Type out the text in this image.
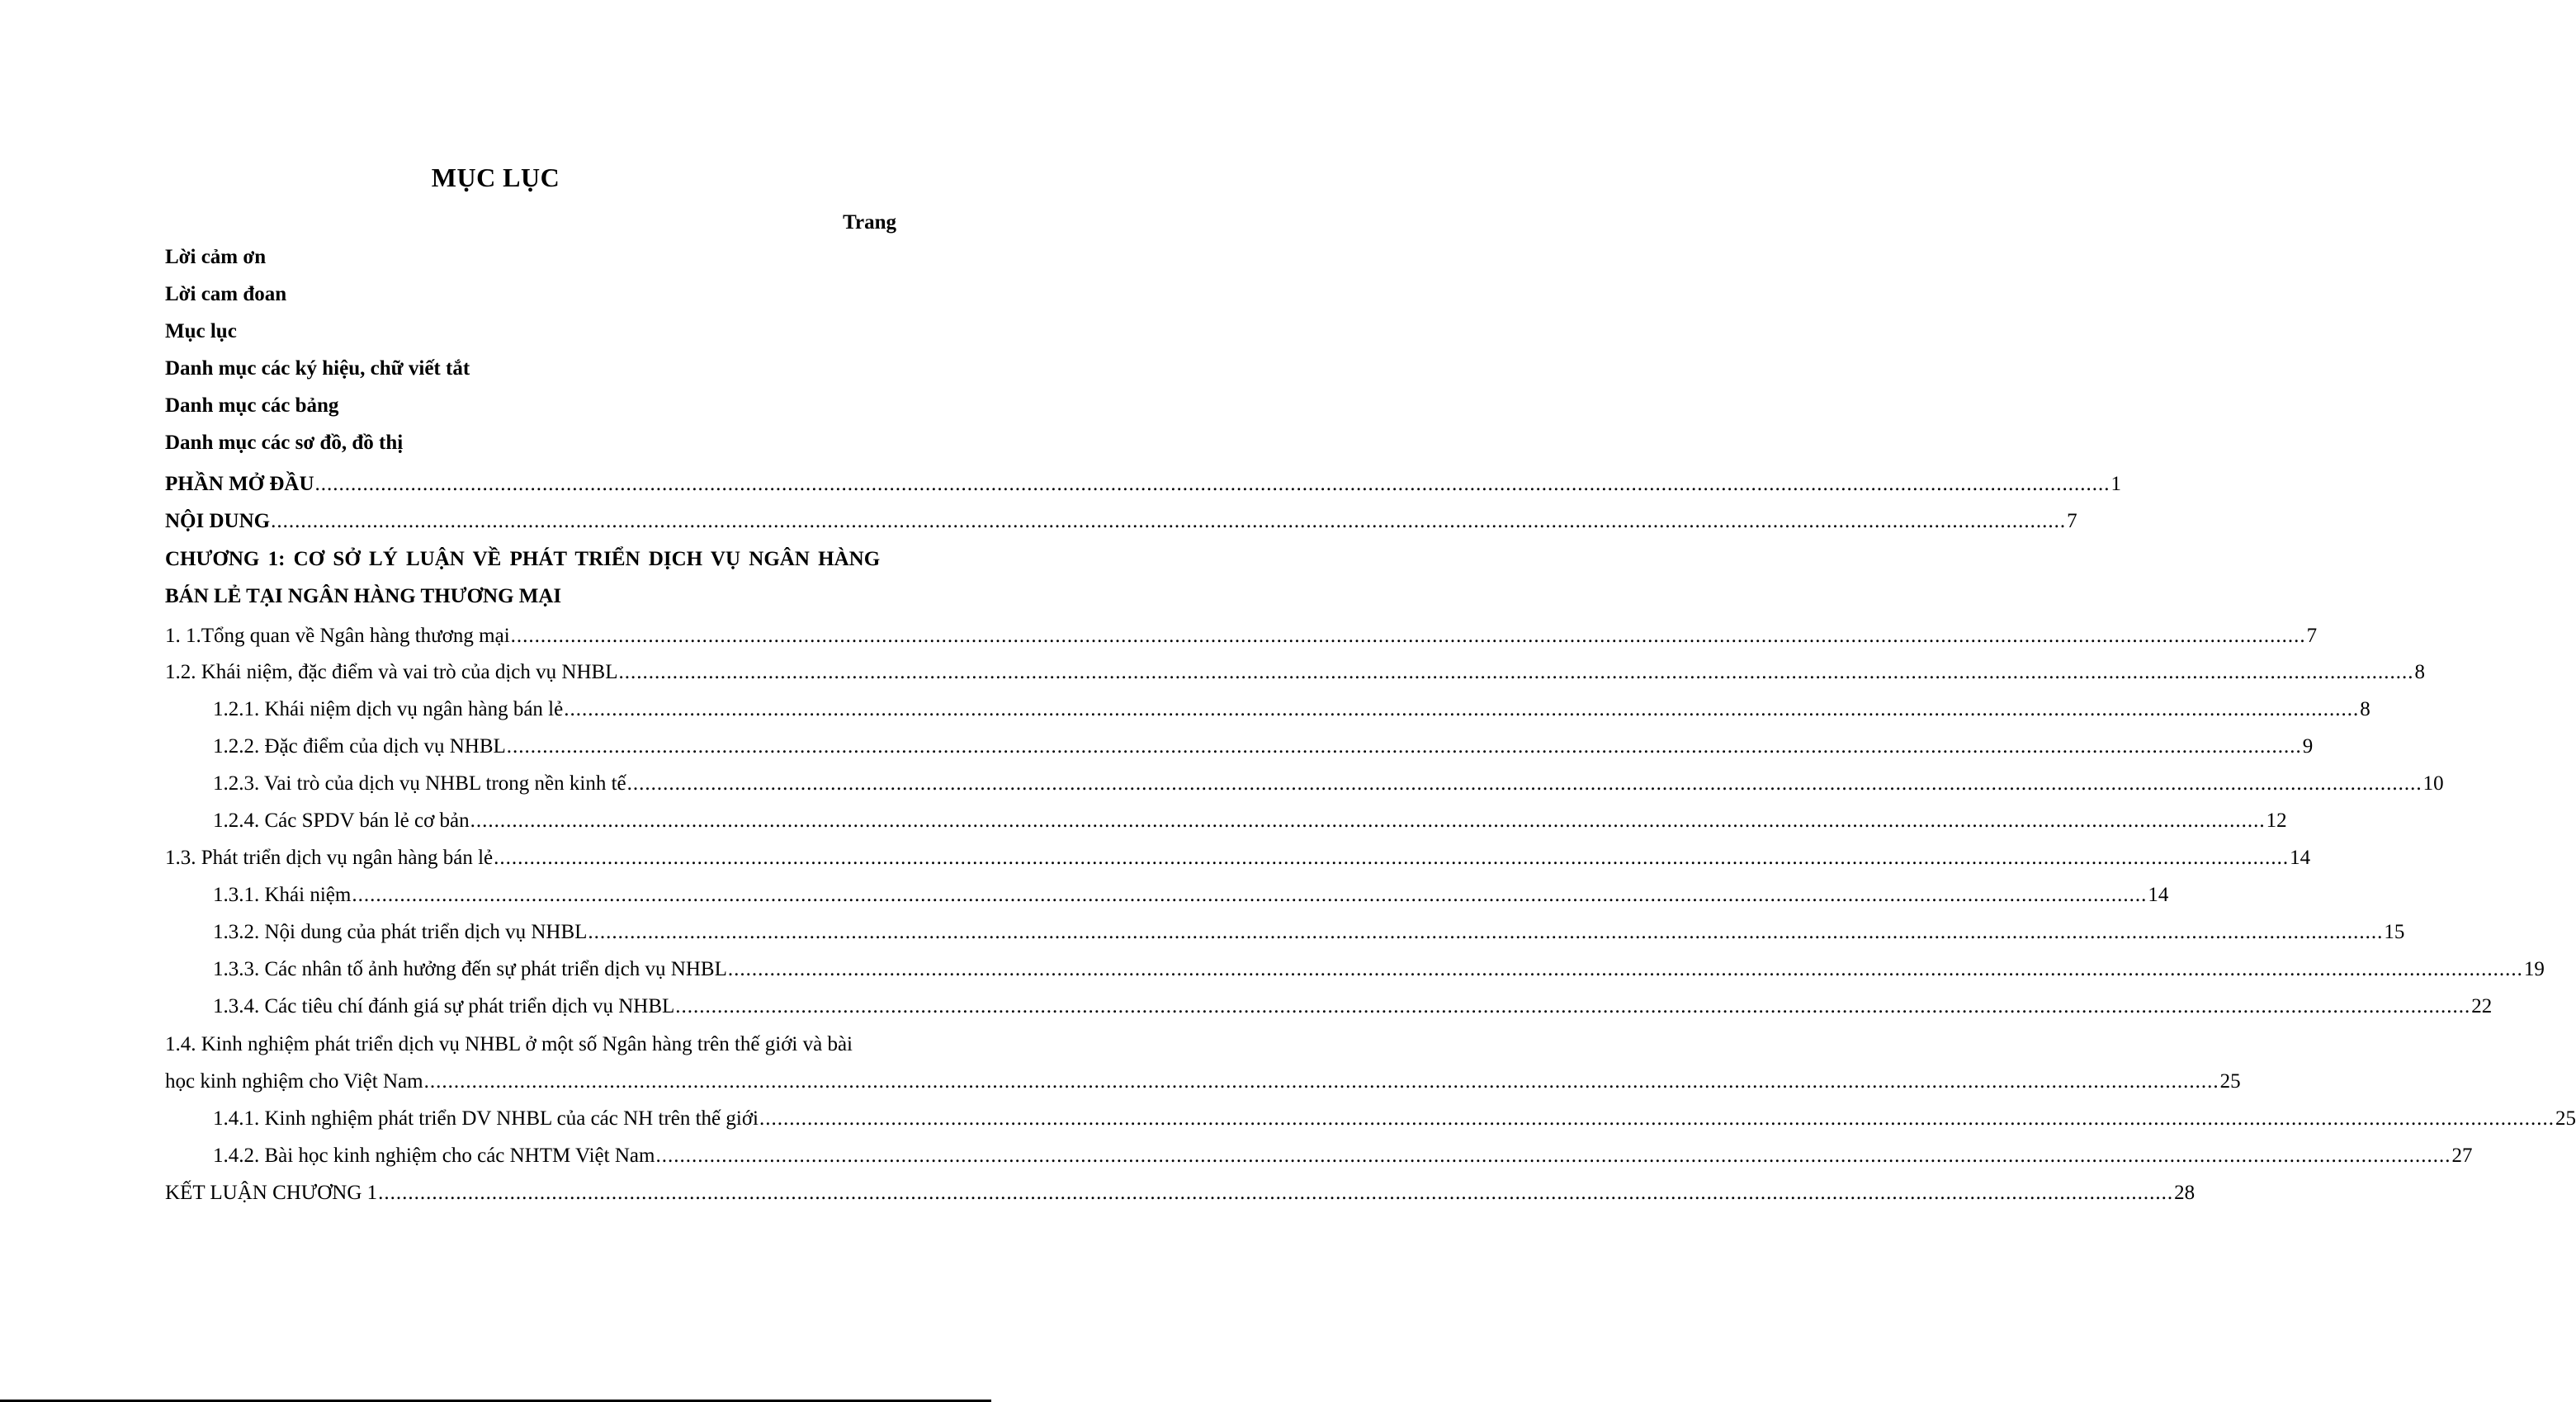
MỤC LỤC
Trang
Lời cảm ơn
Lời cam đoan
Mục lục
Danh mục các ký hiệu, chữ viết tắt
Danh mục các bảng
Danh mục các sơ đồ, đồ thị
PHẦN MỞ ĐẦU ............................................................................................................................................................................................................................................................................................................ 1
NỘI DUNG ............................................................................................................................................................................................................................................................................................................ 7
CHƯƠNG 1: CƠ SỞ LÝ LUẬN VỀ PHÁT TRIỂN DỊCH VỤ NGÂN HÀNG
BÁN LẺ TẠI NGÂN HÀNG THƯƠNG MẠI
1. 1.Tổng quan về Ngân hàng thương mại ............................................................................................................................................................................................................................................................................................................ 7
1.2. Khái niệm, đặc điểm và vai trò của dịch vụ NHBL ............................................................................................................................................................................................................................................................................................................ 8
1.2.1. Khái niệm dịch vụ ngân hàng bán lẻ ............................................................................................................................................................................................................................................................................................................ 8
1.2.2. Đặc điểm của dịch vụ NHBL ............................................................................................................................................................................................................................................................................................................ 9
1.2.3. Vai trò của dịch vụ NHBL trong nền kinh tế ............................................................................................................................................................................................................................................................................................................ 10
1.2.4. Các SPDV bán lẻ cơ bản ............................................................................................................................................................................................................................................................................................................ 12
1.3. Phát triển dịch vụ ngân hàng bán lẻ ............................................................................................................................................................................................................................................................................................................ 14
1.3.1. Khái niệm ............................................................................................................................................................................................................................................................................................................ 14
1.3.2. Nội dung của phát triển dịch vụ NHBL ............................................................................................................................................................................................................................................................................................................ 15
1.3.3. Các nhân tố ảnh hưởng đến sự phát triển dịch vụ NHBL ............................................................................................................................................................................................................................................................................................................ 19
1.3.4. Các tiêu chí đánh giá sự phát triển dịch vụ NHBL ............................................................................................................................................................................................................................................................................................................ 22
1.4. Kinh nghiệm phát triển dịch vụ NHBL ở một số Ngân hàng trên thế giới và bài
học kinh nghiệm cho Việt Nam ............................................................................................................................................................................................................................................................................................................ 25
1.4.1. Kinh nghiệm phát triển DV NHBL của các NH trên thế giới ............................................................................................................................................................................................................................................................................................................ 25
1.4.2. Bài học kinh nghiệm cho các NHTM Việt Nam ............................................................................................................................................................................................................................................................................................................ 27
KẾT LUẬN CHƯƠNG 1 ............................................................................................................................................................................................................................................................................................................ 28
